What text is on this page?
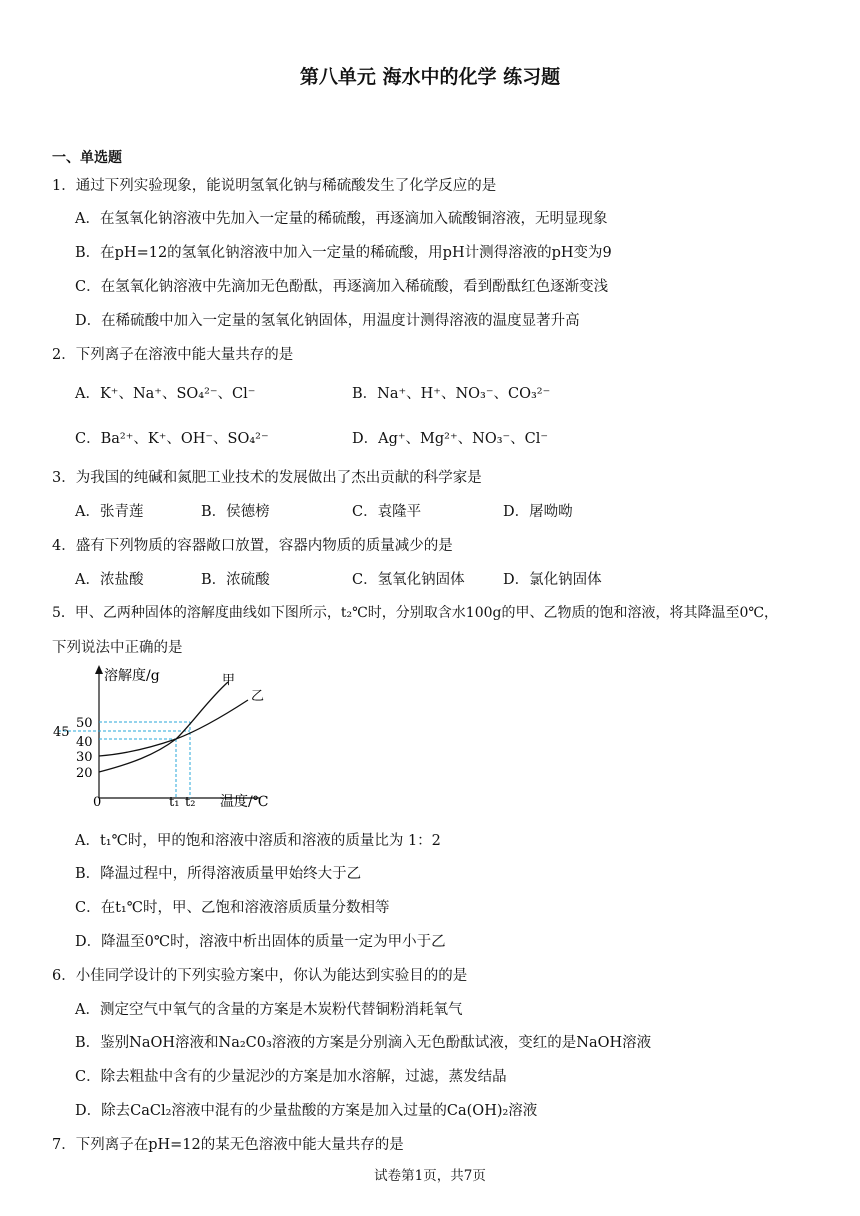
第八单元 海水中的化学 练习题
一、单选题
1．通过下列实验现象，能说明氢氧化钠与稀硫酸发生了化学反应的是
A．在氢氧化钠溶液中先加入一定量的稀硫酸，再逐滴加入硫酸铜溶液，无明显现象
B．在pH=12的氢氧化钠溶液中加入一定量的稀硫酸，用pH计测得溶液的pH变为9
C．在氢氧化钠溶液中先滴加无色酚酞，再逐滴加入稀硫酸，看到酚酞红色逐渐变浅
D．在稀硫酸中加入一定量的氢氧化钠固体，用温度计测得溶液的温度显著升高
2．下列离子在溶液中能大量共存的是
A．K⁺、Na⁺、SO₄²⁻、Cl⁻	B．Na⁺、H⁺、NO₃⁻、CO₃²⁻
C．Ba²⁺、K⁺、OH⁻、SO₄²⁻	D．Ag⁺、Mg²⁺、NO₃⁻、Cl⁻
3．为我国的纯碱和氮肥工业技术的发展做出了杰出贡献的科学家是
A．张青莲	B．侯德榜	C．袁隆平	D．屠呦呦
4．盛有下列物质的容器敞口放置，容器内物质的质量减少的是
A．浓盐酸	B．浓硫酸	C．氢氧化钠固体	D．氯化钠固体
5．甲、乙两种固体的溶解度曲线如下图所示，t₂℃时，分别取含水100g的甲、乙物质的饱和溶液，将其降温至0℃，
下列说法中正确的是
溶解度/g
温度/℃
甲
乙
50
45
40
30
20
0	t₁ t₂
A．t₁℃时，甲的饱和溶液中溶质和溶液的质量比为 1：2
B．降温过程中，所得溶液质量甲始终大于乙
C．在t₁℃时，甲、乙饱和溶液溶质质量分数相等
D．降温至0℃时，溶液中析出固体的质量一定为甲小于乙
6．小佳同学设计的下列实验方案中，你认为能达到实验目的的是
A．测定空气中氧气的含量的方案是木炭粉代替铜粉消耗氧气
B．鉴别NaOH溶液和Na₂C0₃溶液的方案是分别滴入无色酚酞试液，变红的是NaOH溶液
C．除去粗盐中含有的少量泥沙的方案是加水溶解，过滤，蒸发结晶
D．除去CaCl₂溶液中混有的少量盐酸的方案是加入过量的Ca(OH)₂溶液
7．下列离子在pH=12的某无色溶液中能大量共存的是
试卷第1页，共7页
